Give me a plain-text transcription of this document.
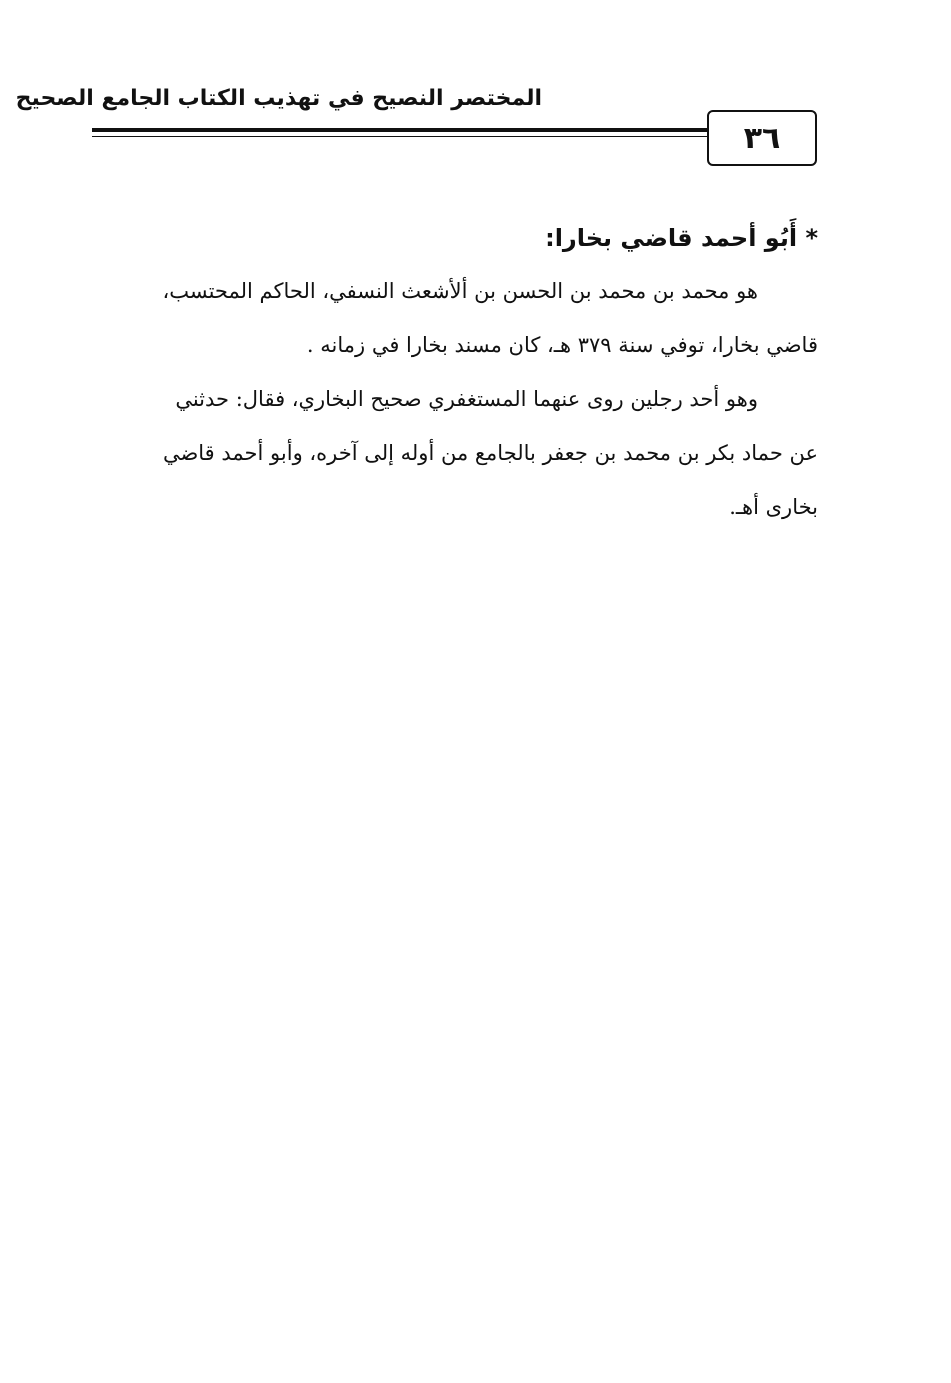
المختصر النصيح في تهذيب الكتاب الجامع الصحيح
٣٦
* أَبُو أحمد قاضي بخارا:
هو محمد بن محمد بن الحسن بن ألأشعث النسفي، الحاكم المحتسب،
قاضي بخارا، توفي سنة ٣٧٩ هـ، كان مسند بخارا في زمانه .
وهو أحد رجلين روى عنهما المستغفري صحيح البخاري، فقال: حدثني
عن حماد بكر بن محمد بن جعفر بالجامع من أوله إلى آخره، وأبو أحمد قاضي
بخارى أهـ.
